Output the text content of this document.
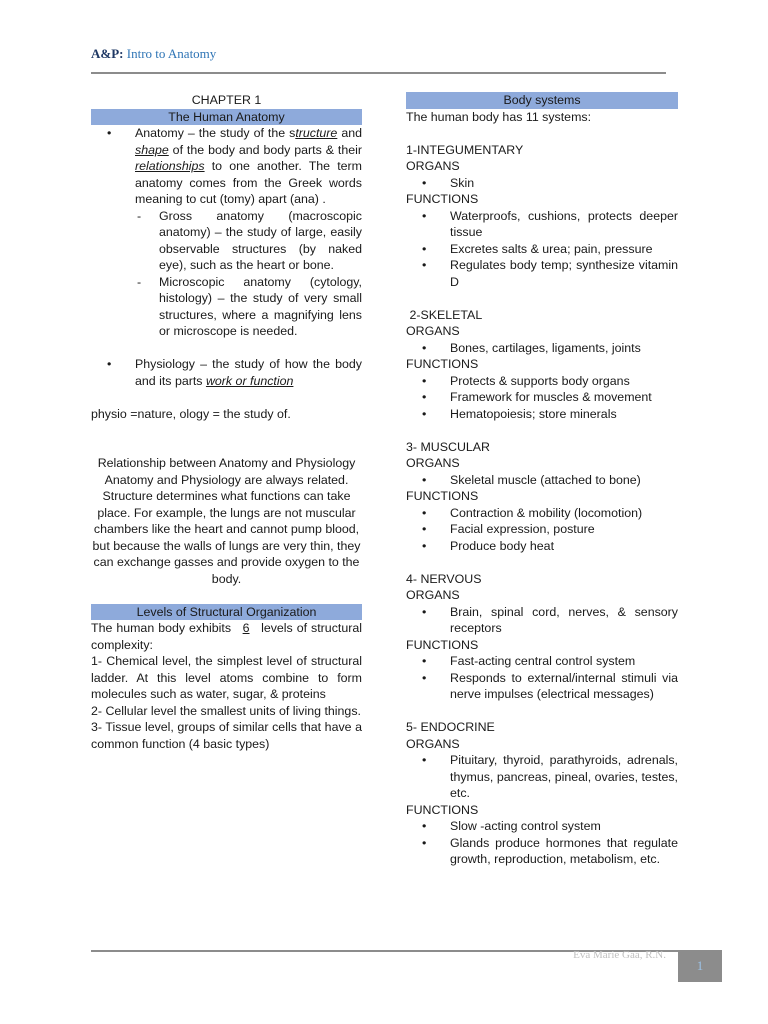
A&P: Intro to Anatomy
CHAPTER 1
The Human Anatomy
• Anatomy – the study of the structure and shape of the body and body parts & their relationships to one another. The term anatomy comes from the Greek words meaning to cut (tomy) apart (ana) .
- Gross anatomy (macroscopic anatomy) – the study of large, easily observable structures (by naked eye), such as the heart or bone.
- Microscopic anatomy (cytology, histology) – the study of very small structures, where a magnifying lens or microscope is needed.
• Physiology – the study of how the body and its parts work or function
physio =nature, ology = the study of.
Relationship between Anatomy and Physiology
Anatomy and Physiology are always related. Structure determines what functions can take place. For example, the lungs are not muscular chambers like the heart and cannot pump blood, but because the walls of lungs are very thin, they can exchange gasses and provide oxygen to the body.
Levels of Structural Organization
The human body exhibits 6 levels of structural complexity:
1- Chemical level, the simplest level of structural ladder. At this level atoms combine to form molecules such as water, sugar, & proteins
2- Cellular level the smallest units of living things.
3- Tissue level, groups of similar cells that have a common function (4 basic types)
Body systems
The human body has 11 systems:
1-INTEGUMENTARY
ORGANS
• Skin
FUNCTIONS
• Waterproofs, cushions, protects deeper tissue
• Excretes salts & urea; pain, pressure
• Regulates body temp; synthesize vitamin D
2-SKELETAL
ORGANS
• Bones, cartilages, ligaments, joints
FUNCTIONS
• Protects & supports body organs
• Framework for muscles & movement
• Hematopoiesis; store minerals
3- MUSCULAR
ORGANS
• Skeletal muscle (attached to bone)
FUNCTIONS
• Contraction & mobility (locomotion)
• Facial expression, posture
• Produce body heat
4- NERVOUS
ORGANS
• Brain, spinal cord, nerves, & sensory receptors
FUNCTIONS
• Fast-acting central control system
• Responds to external/internal stimuli via nerve impulses (electrical messages)
5- ENDOCRINE
ORGANS
• Pituitary, thyroid, parathyroids, adrenals, thymus, pancreas, pineal, ovaries, testes, etc.
FUNCTIONS
• Slow -acting control system
• Glands produce hormones that regulate growth, reproduction, metabolism, etc.
Eva Marie Gaa, R.N.
1
